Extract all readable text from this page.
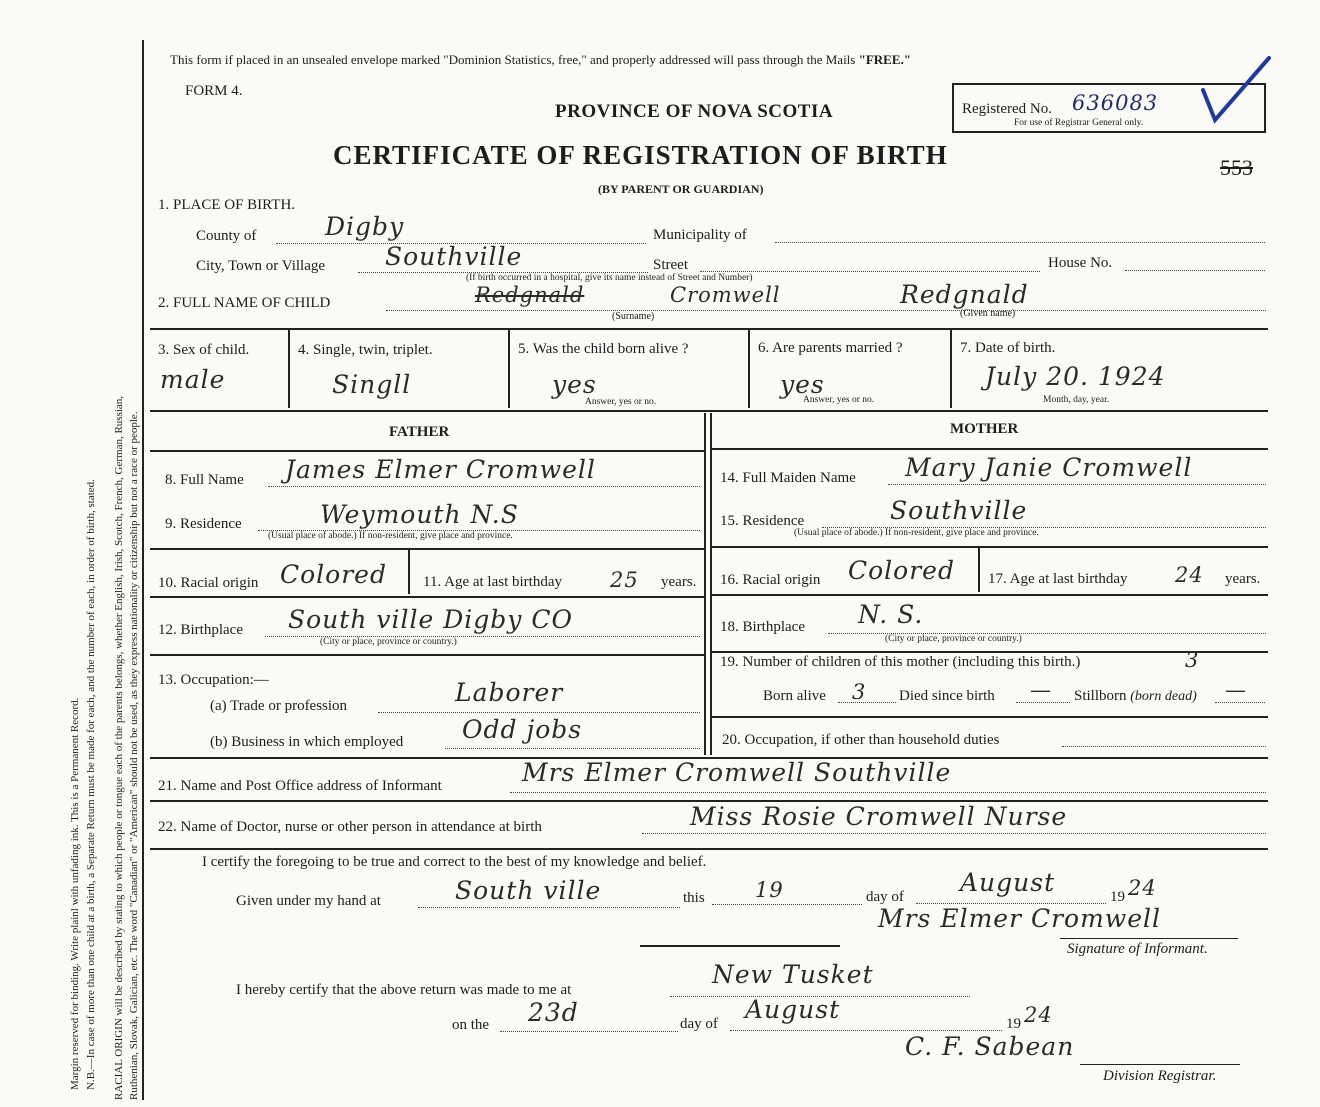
Margin reserved for binding. Write plainl with unfading ink. This is a Permanent Record. N.B.—In case of more than one child at a birth, a Separate Return must be made for each, and the number of each, in order of birth, stated. RACIAL ORIGIN will be described by stating to which people or tongue each of the parents belongs, whether English, Irish, Scotch, French, German, Russian, Ruthenian, Slovak, Galician, etc. The word "Canadian" or "American" should not be used, as they express nationality or citizenship but not a race or people.
This form if placed in an unsealed envelope marked "Dominion Statistics, free," and properly addressed will pass through the Mails "FREE."
FORM 4.
PROVINCE OF NOVA SCOTIA
CERTIFICATE OF REGISTRATION OF BIRTH
(BY PARENT OR GUARDIAN)
Registered No. 636083
For use of Registrar General only.
553
1. PLACE OF BIRTH.
County of	Digby	Municipality of
City, Town or Village Southville	Street	House No.
(If birth occurred in a hospital, give its name instead of Street and Number)
2. FULL NAME OF CHILD	Redgnald	Cromwell	Redgnald
(Surname)	(Given name)
3. Sex of child.
male
4. Single, twin, triplet.
Singll
5. Was the child born alive ?
yes
Answer, yes or no.
6. Are parents married ?
yes
Answer, yes or no.
7. Date of birth.
July 20. 1924
Month, day, year.
FATHER	MOTHER
8. Full Name James Elmer Cromwell
9. Residence	Weymouth N.S
(Usual place of abode.) If non-resident, give place and province.
10. Racial origin Colored 11. Age at last birthday 25 years.
12. Birthplace South ville Digby CO
(City or place, province or country.)
13. Occupation:—
(a) Trade or profession	Laborer
(b) Business in which employed Odd jobs
14. Full Maiden Name Mary Janie Cromwell
15. Residence	Southville
(Usual place of abode.) If non-resident, give place and province.
16. Racial origin Colored 17. Age at last birthday 24 years.
18. Birthplace N. S.
(City or place, province or country.)
19. Number of children of this mother (including this birth.)	3
Born alive 3 Died since birth — Stillborn (born dead) —
20. Occupation, if other than household duties
21. Name and Post Office address of Informant	Mrs Elmer Cromwell Southville
22. Name of Doctor, nurse or other person in attendance at birth	Miss Rosie Cromwell Nurse
I certify the foregoing to be true and correct to the best of my knowledge and belief.
Given under my hand at	South ville	this 19	day of August	19 24
Mrs Elmer Cromwell
Signature of Informant.
I hereby certify that the above return was made to me at
New Tusket
on the 23d	day of August	19 24
C. F. Sabean
Division Registrar.
